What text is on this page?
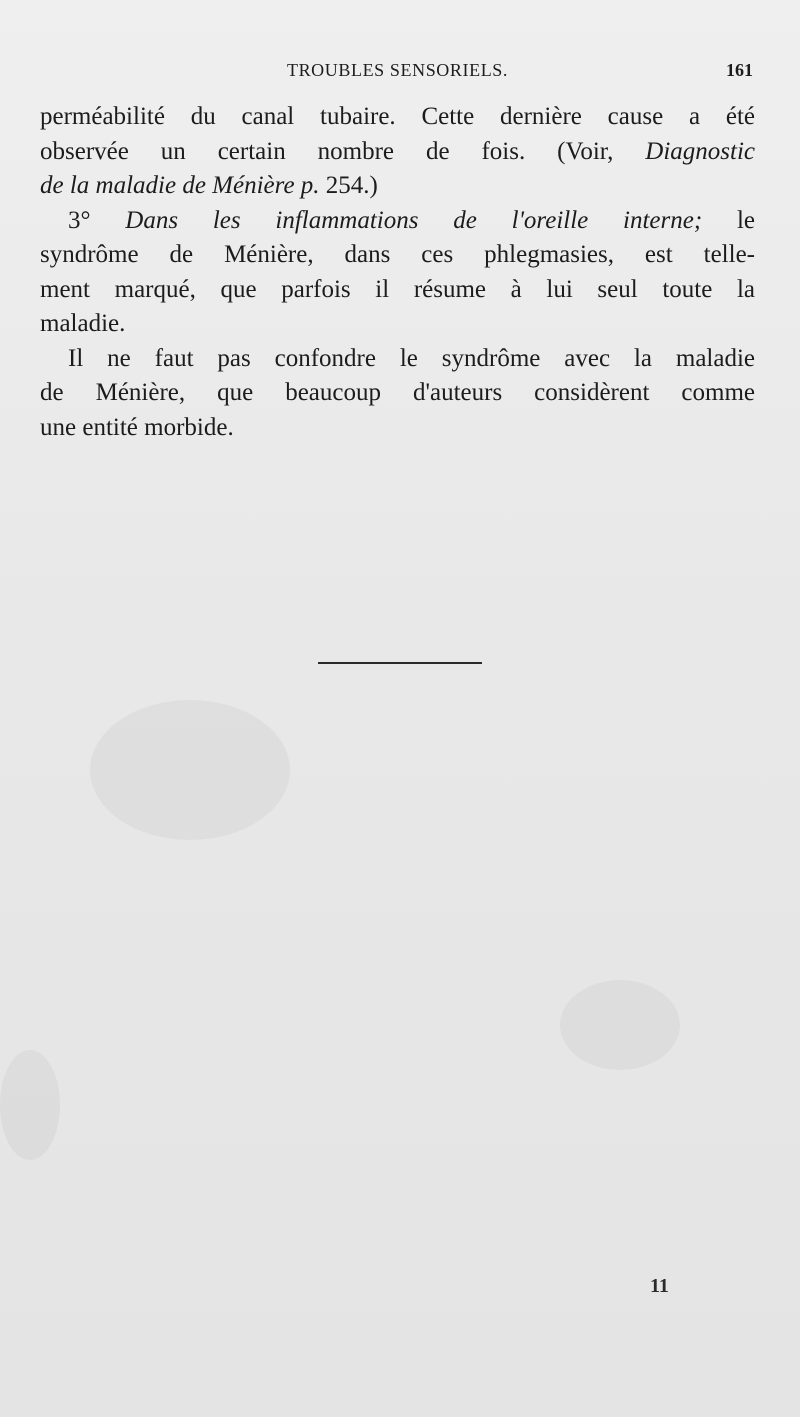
TROUBLES SENSORIELS.	161

perméabilité du canal tubaire. Cette dernière cause a été
observée un certain nombre de fois. (Voir, Diagnostic
de la maladie de Ménière p. 254.)

3° Dans les inflammations de l'oreille interne; le
syndrôme de Ménière, dans ces phlegmasies, est telle-
ment marqué, que parfois il résume à lui seul toute la
maladie.

Il ne faut pas confondre le syndrôme avec la maladie
de Ménière, que beaucoup d'auteurs considèrent comme
une entité morbide.

11
